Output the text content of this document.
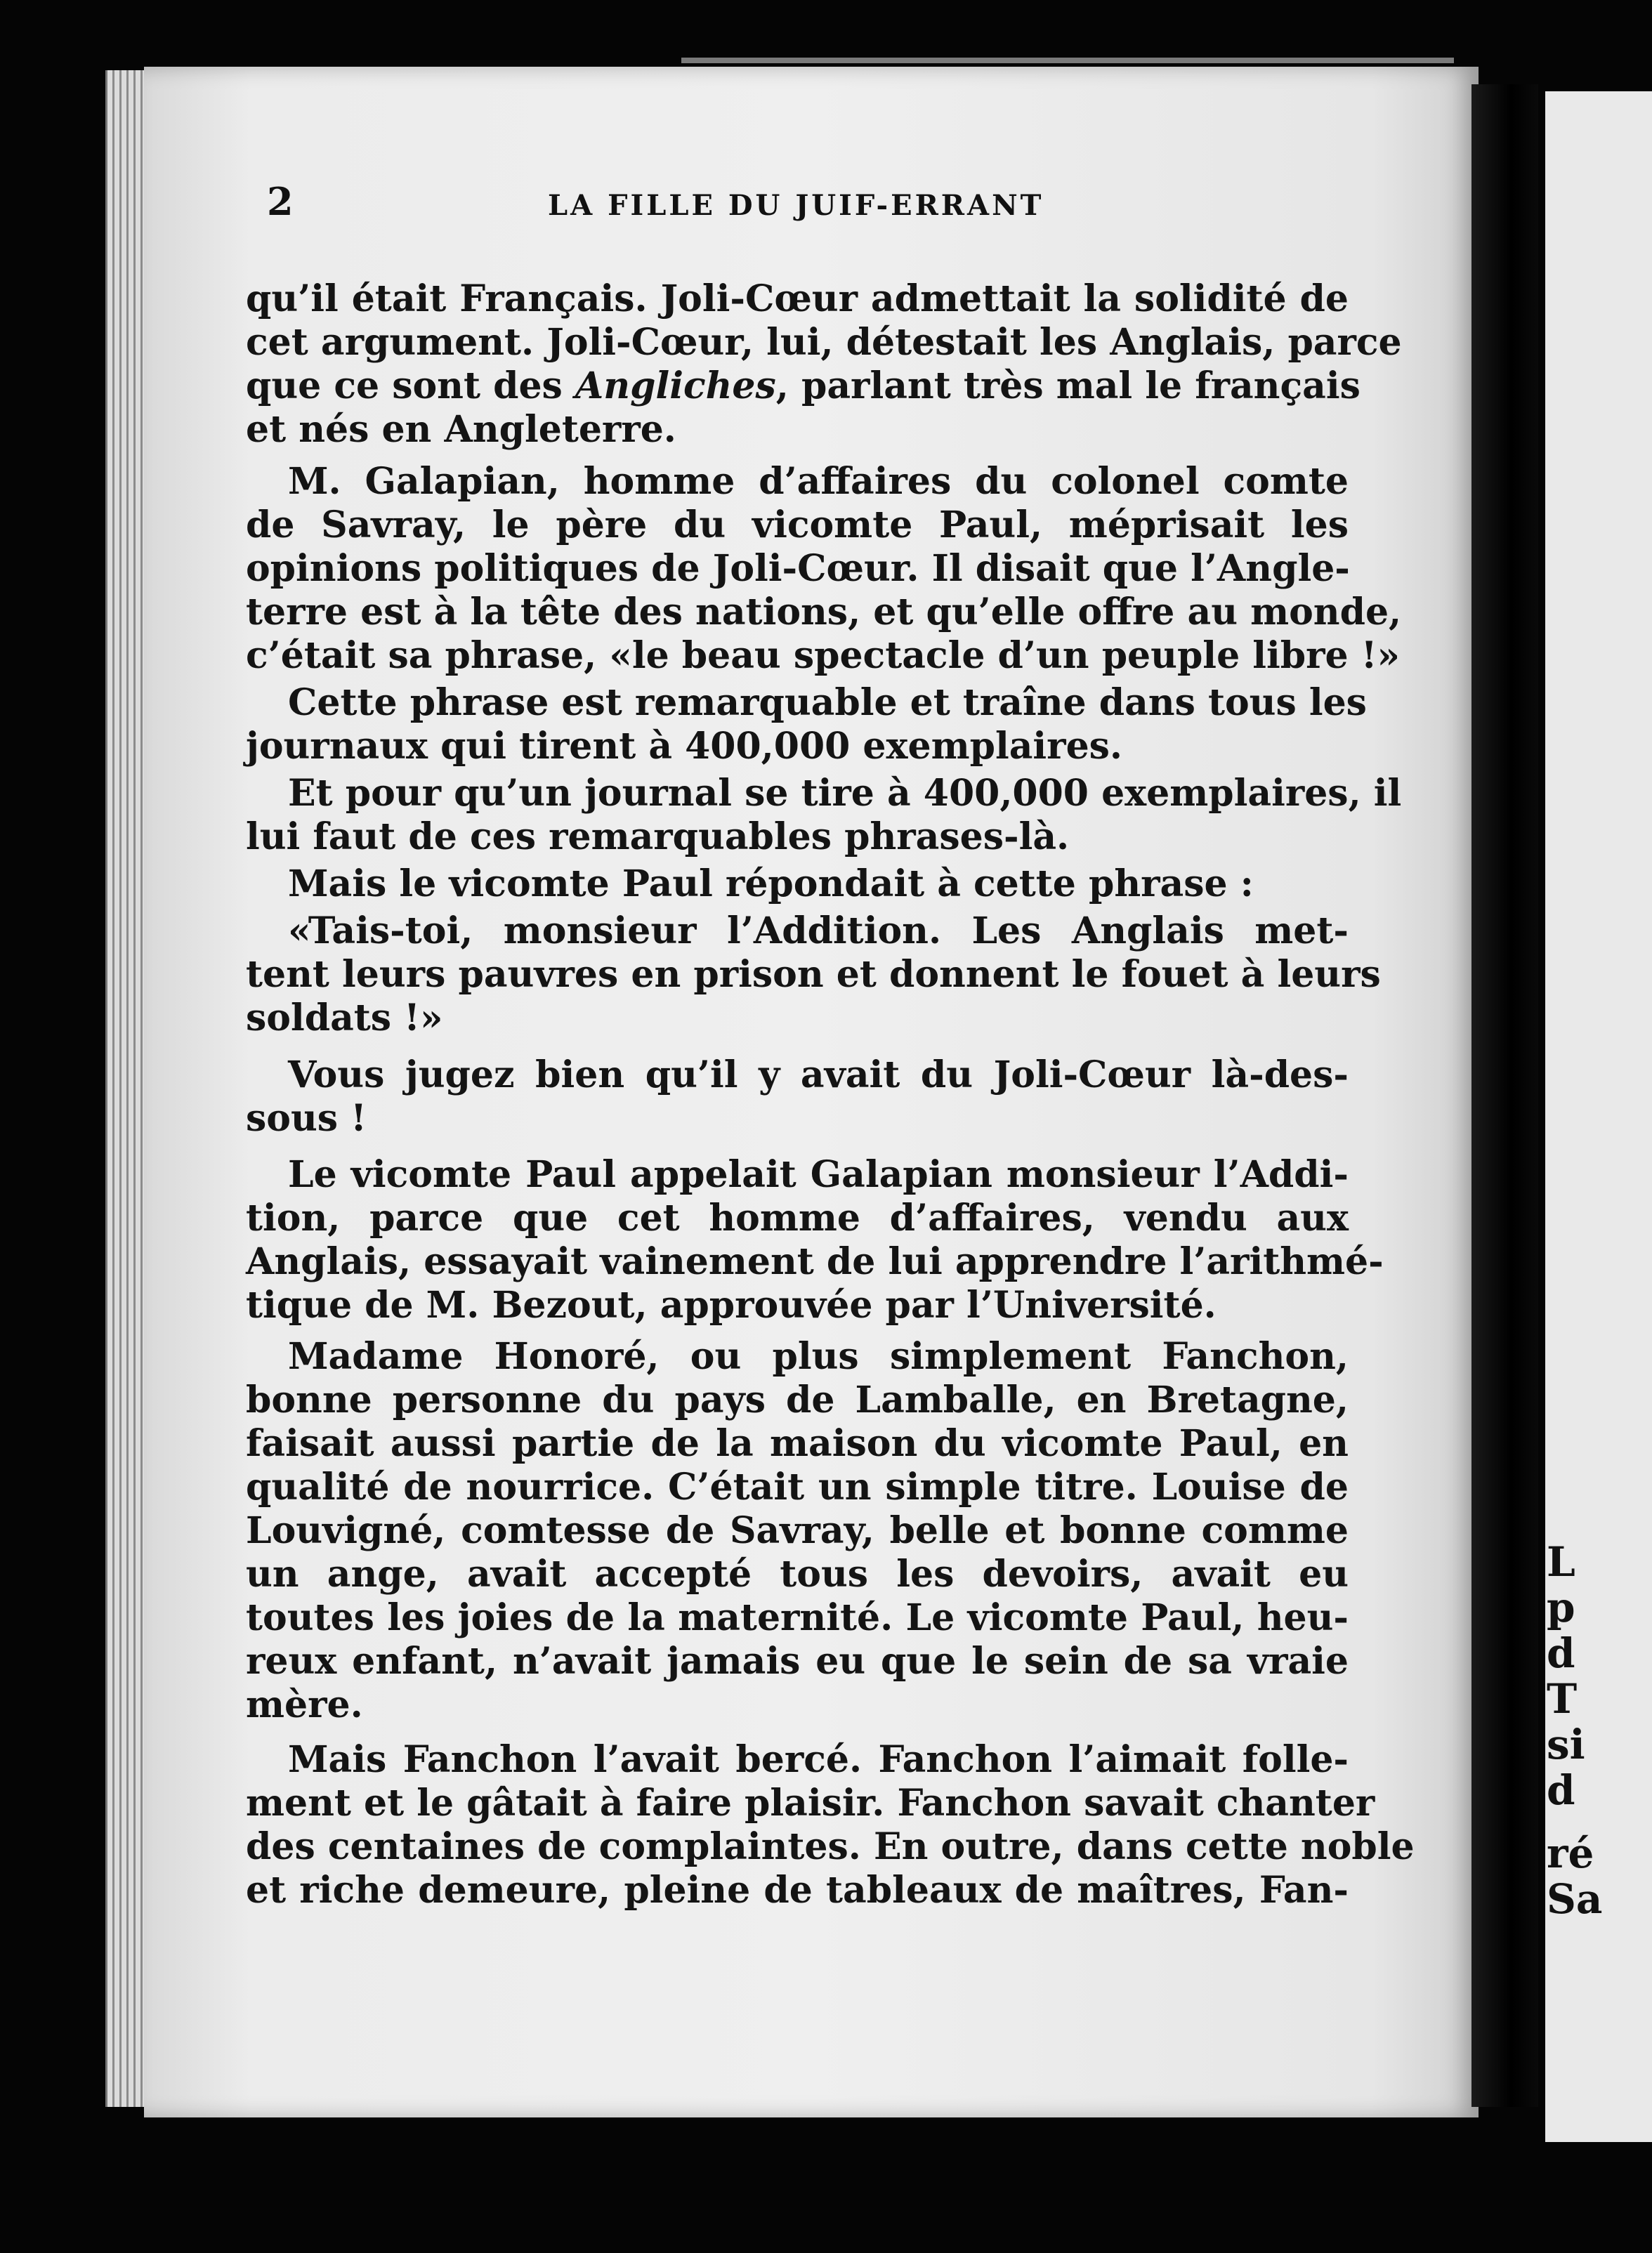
L
p
d
T
si
d
ré
Sa
2	LA FILLE DU JUIF-ERRANT
qu’il était Français. Joli-Cœur admettait la solidité de
cet argument. Joli-Cœur, lui, détestait les Anglais, parce
que ce sont des Angliches, parlant très mal le français
et nés en Angleterre.
M. Galapian, homme d’affaires du colonel comte
de Savray, le père du vicomte Paul, méprisait les
opinions politiques de Joli-Cœur. Il disait que l’Angle-
terre est à la tête des nations, et qu’elle offre au monde,
c’était sa phrase, «le beau spectacle d’un peuple libre !»
Cette phrase est remarquable et traîne dans tous les
journaux qui tirent à 400,000 exemplaires.
Et pour qu’un journal se tire à 400,000 exemplaires, il
lui faut de ces remarquables phrases-là.
Mais le vicomte Paul répondait à cette phrase :
«Tais-toi, monsieur l’Addition. Les Anglais met-
tent leurs pauvres en prison et donnent le fouet à leurs
soldats !»
Vous jugez bien qu’il y avait du Joli-Cœur là-des-
sous !
Le vicomte Paul appelait Galapian monsieur l’Addi-
tion, parce que cet homme d’affaires, vendu aux
Anglais, essayait vainement de lui apprendre l’arithmé-
tique de M. Bezout, approuvée par l’Université.
Madame Honoré, ou plus simplement Fanchon,
bonne personne du pays de Lamballe, en Bretagne,
faisait aussi partie de la maison du vicomte Paul, en
qualité de nourrice. C’était un simple titre. Louise de
Louvigné, comtesse de Savray, belle et bonne comme
un ange, avait accepté tous les devoirs, avait eu
toutes les joies de la maternité. Le vicomte Paul, heu-
reux enfant, n’avait jamais eu que le sein de sa vraie
mère.
Mais Fanchon l’avait bercé. Fanchon l’aimait folle-
ment et le gâtait à faire plaisir. Fanchon savait chanter
des centaines de complaintes. En outre, dans cette noble
et riche demeure, pleine de tableaux de maîtres, Fan-
